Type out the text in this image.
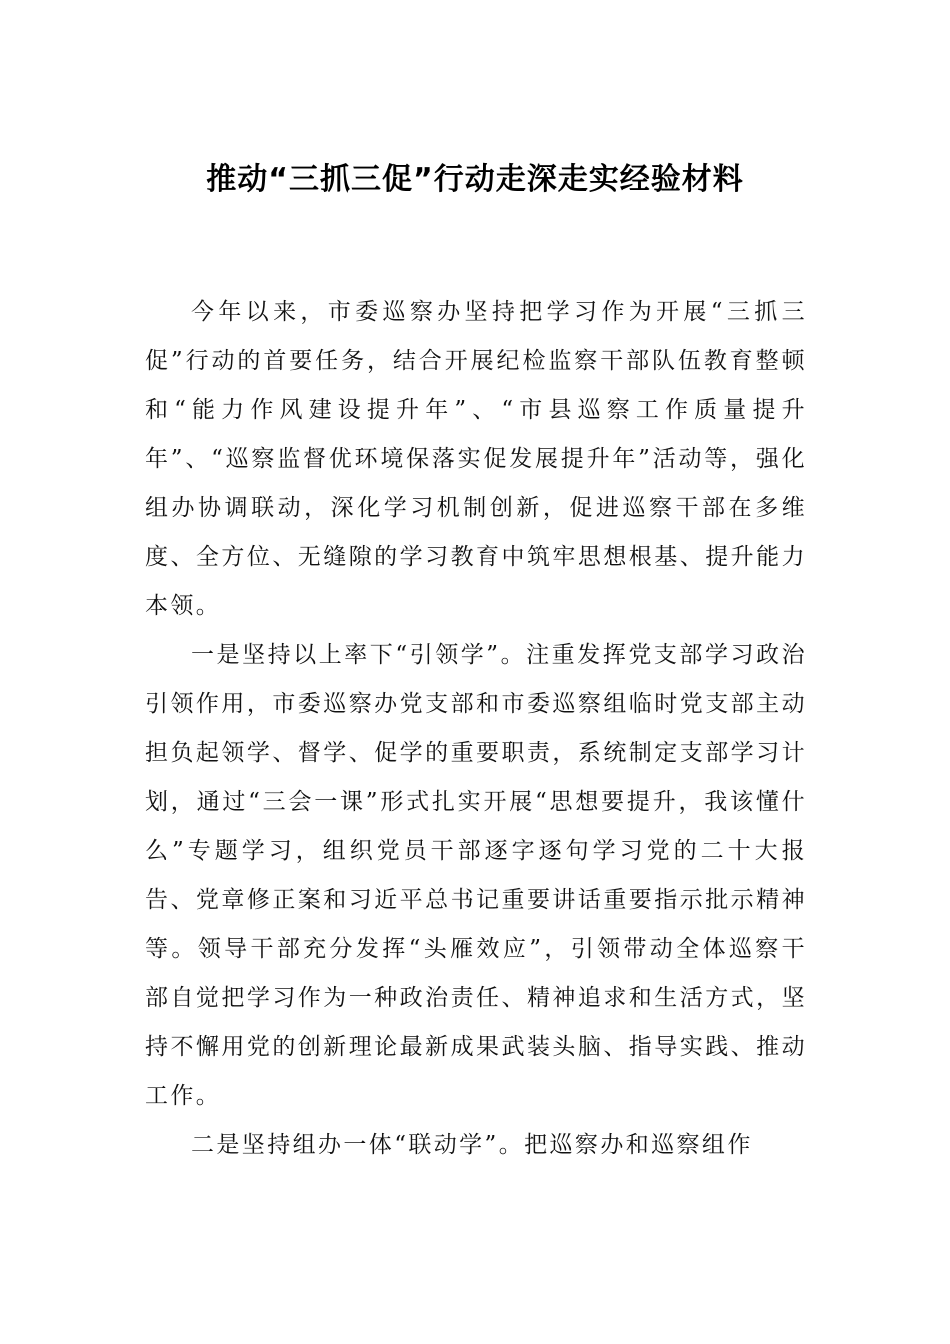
推动“三抓三促”行动走深走实经验材料

今年以来，市委巡察办坚持把学习作为开展“三抓三促”行动的首要任务，结合开展纪检监察干部队伍教育整顿和“能力作风建设提升年”、“市县巡察工作质量提升年”、“巡察监督优环境保落实促发展提升年”活动等，强化组办协调联动，深化学习机制创新，促进巡察干部在多维度、全方位、无缝隙的学习教育中筑牢思想根基、提升能力本领。

一是坚持以上率下“引领学”。注重发挥党支部学习政治引领作用，市委巡察办党支部和市委巡察组临时党支部主动担负起领学、督学、促学的重要职责，系统制定支部学习计划，通过“三会一课”形式扎实开展“思想要提升，我该懂什么”专题学习，组织党员干部逐字逐句学习党的二十大报告、党章修正案和习近平总书记重要讲话重要指示批示精神等。领导干部充分发挥“头雁效应”，引领带动全体巡察干部自觉把学习作为一种政治责任、精神追求和生活方式，坚持不懈用党的创新理论最新成果武装头脑、指导实践、推动工作。

二是坚持组办一体“联动学”。把巡察办和巡察组作
